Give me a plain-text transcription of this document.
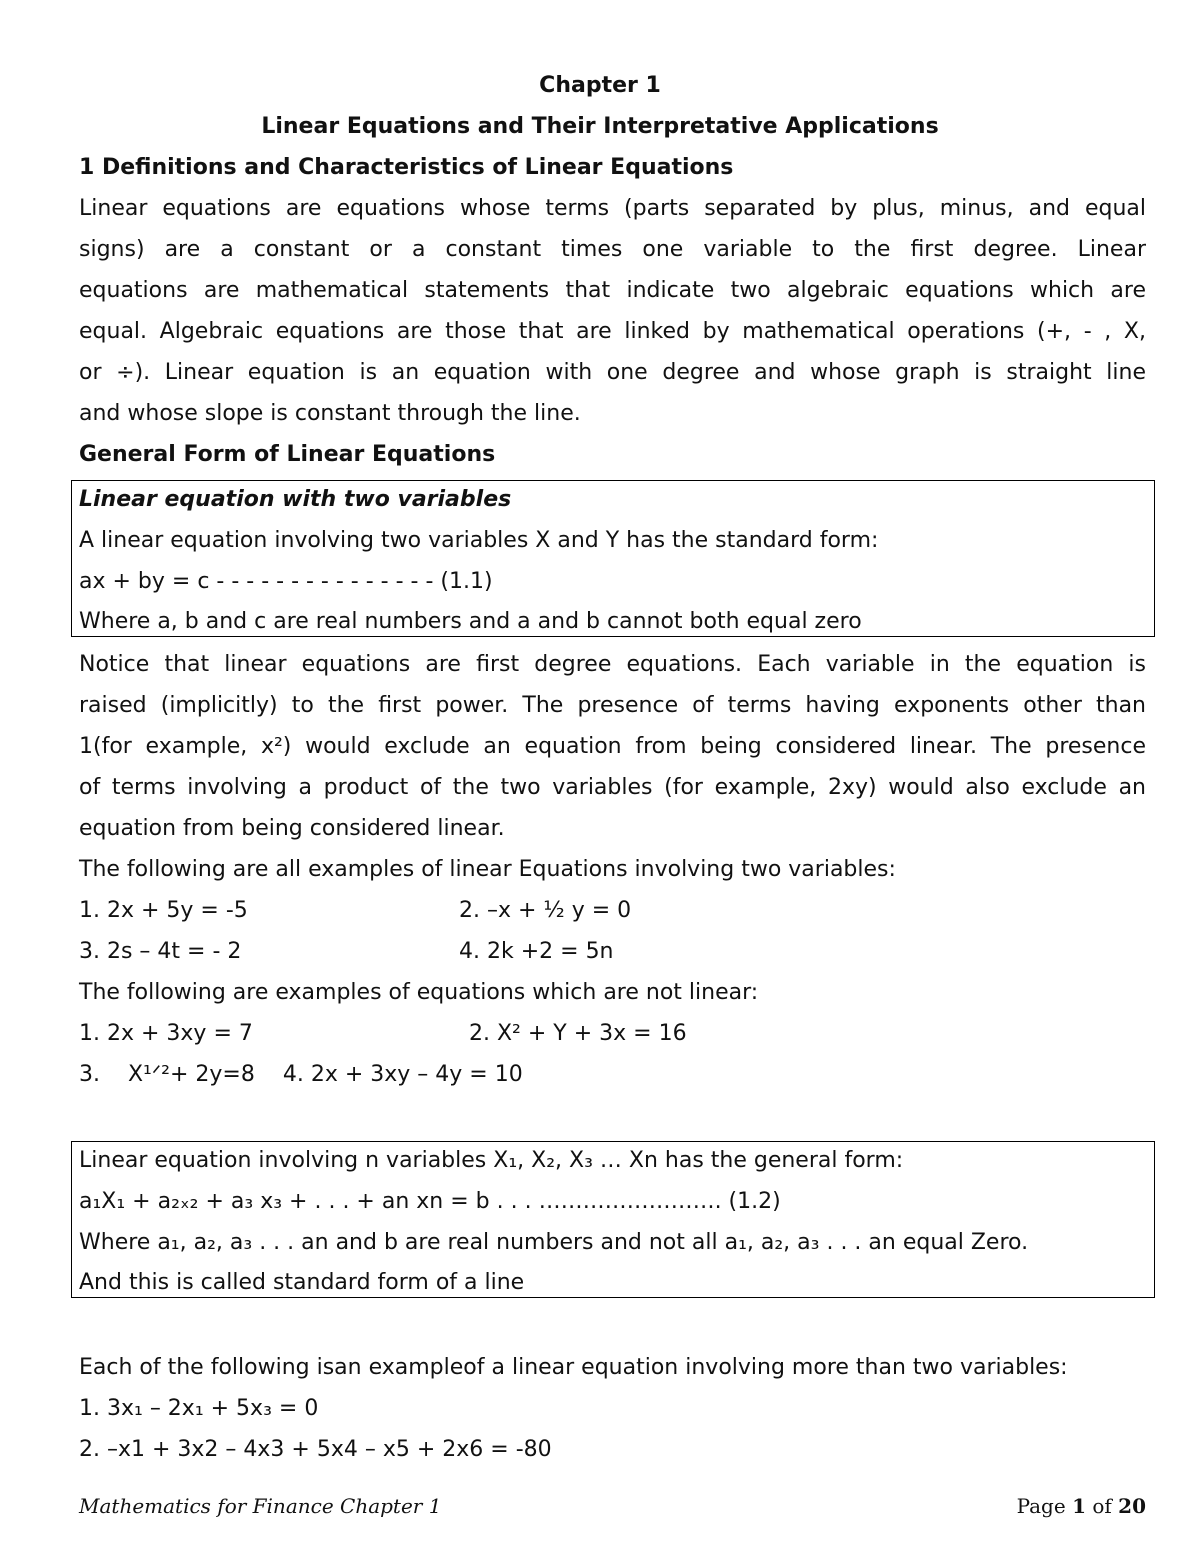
Chapter 1
Linear Equations and Their Interpretative Applications
1 Definitions and Characteristics of Linear Equations
Linear equations are equations whose terms (parts separated by plus, minus, and equal
signs) are a constant or a constant times one variable to the first degree. Linear
equations are mathematical statements that indicate two algebraic equations which are
equal. Algebraic equations are those that are linked by mathematical operations (+, - , X,
or ÷). Linear equation is an equation with one degree and whose graph is straight line
and whose slope is constant through the line.
General Form of Linear Equations
Linear equation with two variables
A linear equation involving two variables X and Y has the standard form:
ax + by = c - - - - - - - - - - - - - - - (1.1)
Where a, b and c are real numbers and a and b cannot both equal zero
Notice that linear equations are first degree equations. Each variable in the equation is
raised (implicitly) to the first power. The presence of terms having exponents other than
1(for example, x²) would exclude an equation from being considered linear. The presence
of terms involving a product of the two variables (for example, 2xy) would also exclude an
equation from being considered linear.
The following are all examples of linear Equations involving two variables:
1. 2x + 5y = -5	2. –x + ½ y = 0
3. 2s – 4t = - 2	4. 2k +2 = 5n
The following are examples of equations which are not linear:
1. 2x + 3xy = 7	2. X² + Y + 3x = 16
3.    X¹ᐟ²+ 2y=8    4. 2x + 3xy – 4y = 10
Linear equation involving n variables X₁, X₂, X₃ … Xn has the general form:
a₁X₁ + a₂ₓ₂ + a₃ x₃ + . . . + an xn = b . . . ……………………. (1.2)
Where a₁, a₂, a₃ . . . an and b are real numbers and not all a₁, a₂, a₃ . . . an equal Zero.
And this is called standard form of a line
Each of the following isan exampleof a linear equation involving more than two variables:
1. 3x₁ – 2x₁ + 5x₃ = 0
2. –x1 + 3x2 – 4x3 + 5x4 – x5 + 2x6 = -80
Mathematics for Finance Chapter 1	Page 1 of 20
